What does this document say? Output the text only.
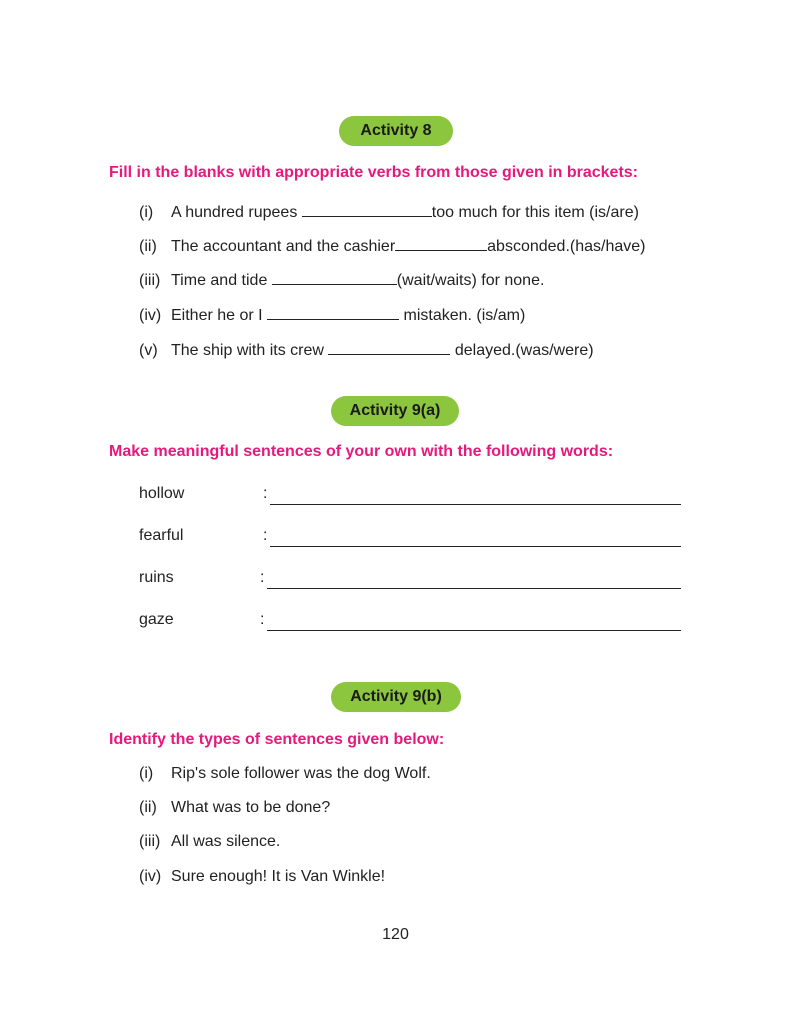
Activity 8
Fill in the blanks with appropriate verbs from those given in brackets:
(i) A hundred rupees	too much for this item (is/are)
(ii) The accountant and the cashier	absconded.(has/have)
(iii) Time and tide	(wait/waits) for none.
(iv) Either he or I	mistaken. (is/am)
(v) The ship with its crew	delayed.(was/were)
Activity 9(a)
Make meaningful sentences of your own with the following words:
hollow	:
fearful	:
ruins	:
gaze	:
Activity 9(b)
Identify the types of sentences given below:
(i) Rip's sole follower was the dog Wolf.
(ii) What was to be done?
(iii) All was silence.
(iv) Sure enough! It is Van Winkle!
120
